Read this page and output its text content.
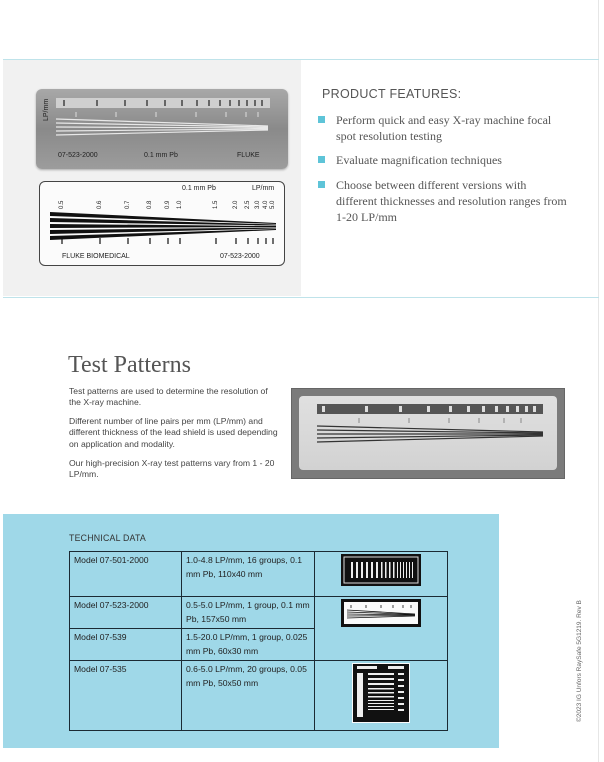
LP/mm
07-523-2000	0.1 mm Pb	FLUKE
0.1 mm Pb	LP/mm
0.5	0.6	0.7	0.8 0.9 1.0	1.5 2.0 2.5 3.0 4.0 5.0
FLUKE BIOMEDICAL	07-523-2000
PRODUCT FEATURES:
Perform quick and easy X-ray machine focal spot resolution testing
Evaluate magnification techniques
Choose between different versions with different thicknesses and resolution ranges from 1-20 LP/mm
Test Patterns
Test patterns are used to determine the resolution of the X-ray machine.
Different number of line pairs per mm (LP/mm) and different thickness of the lead shield is used depending on application and modality.
Our high-precision X-ray test patterns vary from 1 - 20 LP/mm.
TECHNICAL DATA
Model 07-501-2000	1.0-4.8 LP/mm, 16 groups, 0.1 mm Pb, 110x40 mm	

Model 07-523-2000	0.5-5.0 LP/mm, 1 group, 0.1 mm Pb, 157x50 mm	

Model 07-539	1.5-20.0 LP/mm, 1 group, 0.025 mm Pb, 60x30 mm	
Model 07-535	0.6-5.0 LP/mm, 20 groups, 0.05 mm Pb, 50x50 mm		©2023 IG Unfors RaySafe 5G1219. Rev B
